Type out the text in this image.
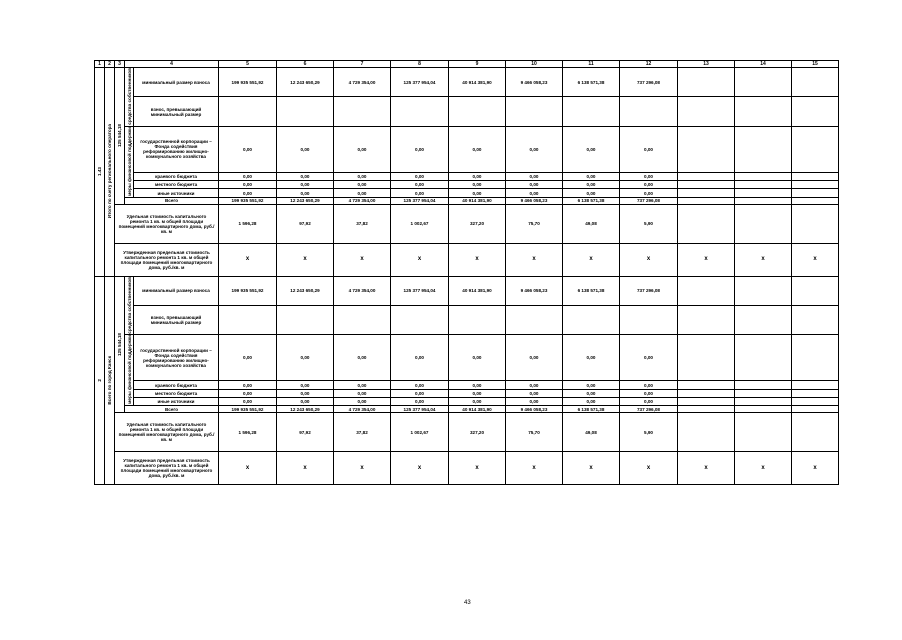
1	2	3	4		5	6	7	8	9	10	11	12	13	14	15
1.43	Итого по счету регионального оператора	125 544,18	средства собственников	минимальный размер взноса	199 935 551,92	12 243 650,29	4 729 354,00	125 377 954,04	40 914 381,90	9 466 058,23	6 138 571,38	737 296,08			
				взнос, превышающий минимальный размер											
			меры финансовой поддержки	государственной корпорации – Фонда содействия реформированию жилищно-коммунального хозяйства	0,00	0,00	0,00	0,00	0,00	0,00	0,00	0,00			
				краевого бюджета	0,00	0,00	0,00	0,00	0,00	0,00	0,00	0,00			
				местного бюджета	0,00	0,00	0,00	0,00	0,00	0,00	0,00	0,00			
				иные источники	0,00	0,00	0,00	0,00	0,00	0,00	0,00	0,00			
			Всего		199 935 551,92	12 243 650,29	4 729 354,00	125 377 954,04	40 914 381,90	9 466 058,23	6 138 571,38	737 296,08			
		Удельная стоимость капитального ремонта 1 кв. м общей площади помещений многоквартирного дома, руб./кв. м			1 596,28	97,92	37,82	1 002,67	327,20	75,70	49,08	5,90			
		Утвержденная предельная стоимость капитального ремонта 1 кв. м общей площади помещений многоквартирного дома, руб./кв. м			x	x	x	x	x	x	x	x	x	x	x
2	Всего по город Канск	125 544,18	средства собственников	минимальный размер взноса	199 935 551,92	12 243 650,29	4 729 354,00	125 377 954,04	40 914 381,90	9 466 058,23	6 138 571,38	737 296,08			
				взнос, превышающий минимальный размер											
			меры финансовой поддержки	государственной корпорации – Фонда содействия реформированию жилищно-коммунального хозяйства	0,00	0,00	0,00	0,00	0,00	0,00	0,00	0,00			
				краевого бюджета	0,00	0,00	0,00	0,00	0,00	0,00	0,00	0,00			
				местного бюджета	0,00	0,00	0,00	0,00	0,00	0,00	0,00	0,00			
				иные источники	0,00	0,00	0,00	0,00	0,00	0,00	0,00	0,00			
			Всего		199 935 551,92	12 243 650,29	4 729 354,00	125 377 954,04	40 914 381,90	9 466 058,23	6 138 571,38	737 296,08			
		Удельная стоимость капитального ремонта 1 кв. м общей площади помещений многоквартирного дома, руб./кв. м			1 596,28	97,92	37,82	1 002,67	327,20	75,70	49,08	5,90			
		Утвержденная предельная стоимость капитального ремонта 1 кв. м общей площади помещений многоквартирного дома, руб./кв. м			x	x	x	x	x	x	x	x	x	x	x
43
